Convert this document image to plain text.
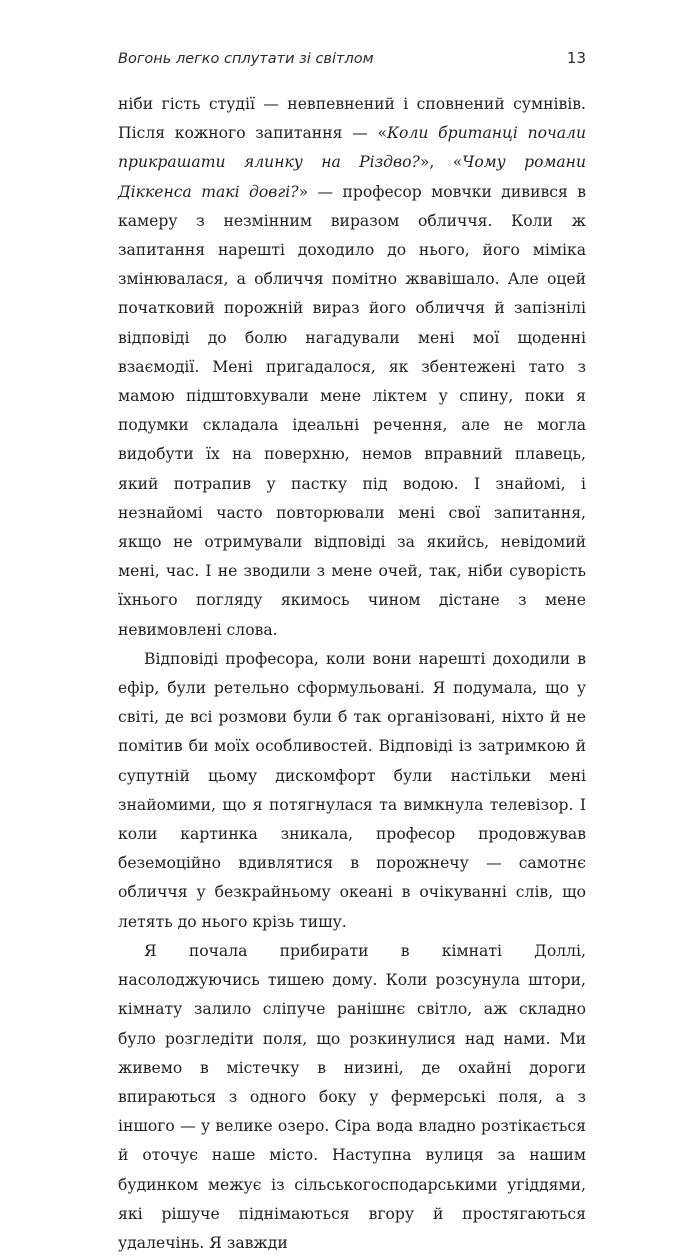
Вогонь легко сплутати зі світлом	13

ніби гість студії — невпевнений і сповнений сумнівів. Після кожного запитання — «Коли британці почали прикрашати ялинку на Різдво?», «Чому романи Діккенса такі довгі?» — професор мовчки дивився в камеру з незмінним виразом обличчя. Коли ж запитання нарешті доходило до нього, його міміка змінювалася, а обличчя помітно жвавішало. Але оцей початковий порожній вираз його обличчя й запізнілі відповіді до болю нагадували мені мої щоденні взаємодії. Мені пригадалося, як збентежені тато з мамою підштовхували мене ліктем у спину, поки я подумки складала ідеальні речення, але не могла видобути їх на поверхню, немов вправний плавець, який потрапив у пастку під водою. І знайомі, і незнайомі часто повторювали мені свої запитання, якщо не отримували відповіді за якийсь, невідомий мені, час. І не зводили з мене очей, так, ніби суворість їхнього погляду якимось чином дістане з мене невимовлені слова.

Відповіді професора, коли вони нарешті доходили в ефір, були ретельно сформульовані. Я подумала, що у світі, де всі розмови були б так організовані, ніхто й не помітив би моїх особливостей. Відповіді із затримкою й супутній цьому дискомфорт були настільки мені знайомими, що я потягнулася та вимкнула телевізор. І коли картинка зникала, професор продовжував беземоційно вдивлятися в порожнечу — самотнє обличчя у безкрайньому океані в очікуванні слів, що летять до нього крізь тишу.

Я почала прибирати в кімнаті Доллі, насолоджуючись тишею дому. Коли розсунула штори, кімнату залило сліпуче ранішнє світло, аж складно було розгледіти поля, що розкинулися над нами. Ми живемо в містечку в низині, де охайні дороги впираються з одного боку у фермерські поля, а з іншого — у велике озеро. Сіра вода владно розтікається й оточує наше місто. Наступна вулиця за нашим будинком межує із сільськогосподарськими угіддями, які рішуче піднімаються вгору й простягаються удалечінь. Я завжди
